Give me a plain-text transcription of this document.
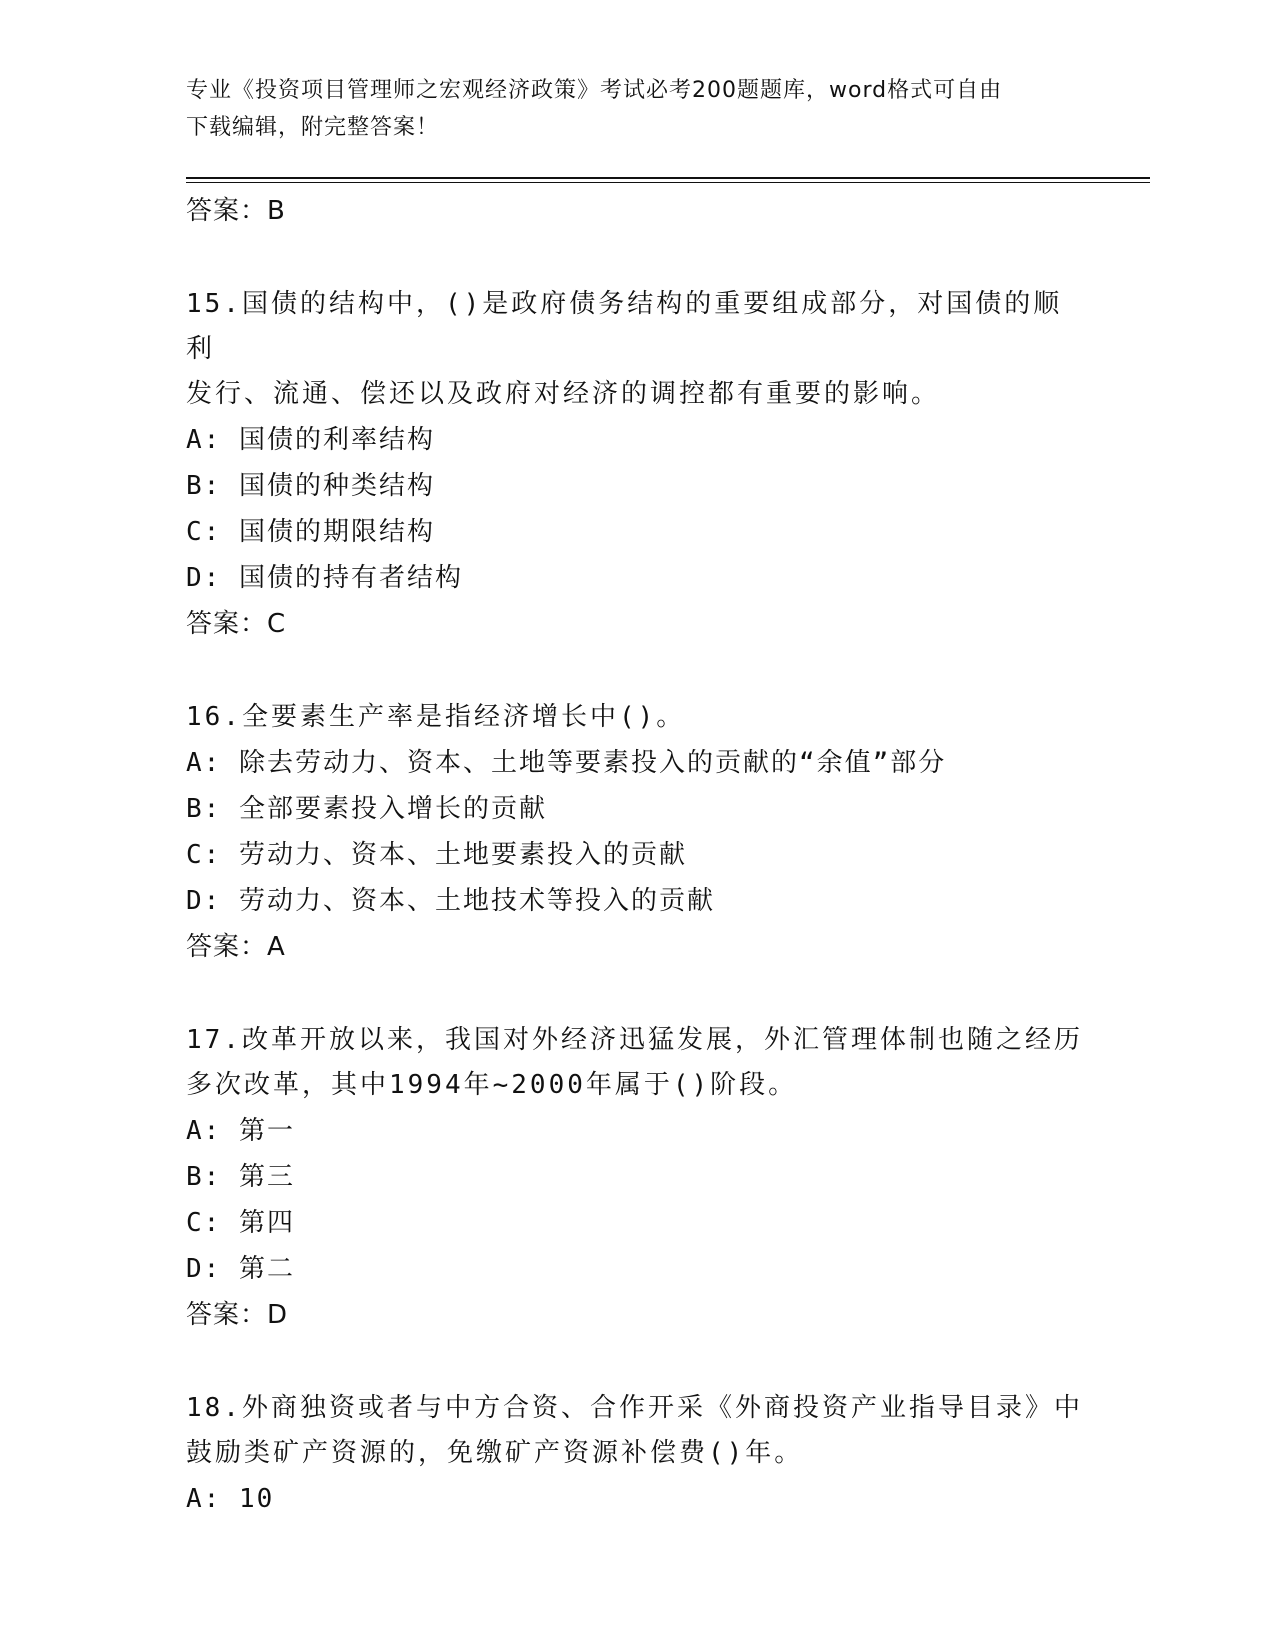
专业《投资项目管理师之宏观经济政策》考试必考200题题库，word格式可自由
下载编辑，附完整答案！
答案：B
15.国债的结构中，()是政府债务结构的重要组成部分，对国债的顺利
发行、流通、偿还以及政府对经济的调控都有重要的影响。
A: 国债的利率结构
B: 国债的种类结构
C: 国债的期限结构
D: 国债的持有者结构
答案：C
16.全要素生产率是指经济增长中()。
A: 除去劳动力、资本、土地等要素投入的贡献的“余值”部分
B: 全部要素投入增长的贡献
C: 劳动力、资本、土地要素投入的贡献
D: 劳动力、资本、土地技术等投入的贡献
答案：A
17.改革开放以来，我国对外经济迅猛发展，外汇管理体制也随之经历
多次改革，其中1994年~2000年属于()阶段。
A: 第一
B: 第三
C: 第四
D: 第二
答案：D
18.外商独资或者与中方合资、合作开采《外商投资产业指导目录》中
鼓励类矿产资源的，免缴矿产资源补偿费()年。
A: 10
